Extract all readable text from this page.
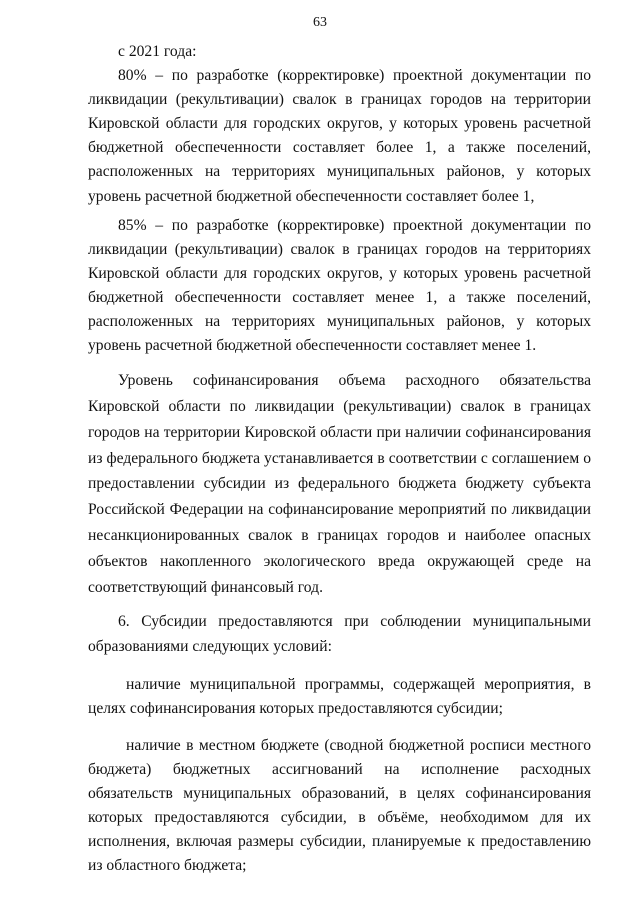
63

с 2021 года:

80% – по разработке (корректировке) проектной документации по ликвидации (рекультивации) свалок в границах городов на территории Кировской области для городских округов, у которых уровень расчетной бюджетной обеспеченности составляет более 1, а также поселений, расположенных на территориях муниципальных районов, у которых уровень расчетной бюджетной обеспеченности составляет более 1,

85% – по разработке (корректировке) проектной документации по ликвидации (рекультивации) свалок в границах городов на территориях Кировской области для городских округов, у которых уровень расчетной бюджетной обеспеченности составляет менее 1, а также поселений, расположенных на территориях муниципальных районов, у которых уровень расчетной бюджетной обеспеченности составляет менее 1.

Уровень софинансирования объема расходного обязательства Кировской области по ликвидации (рекультивации) свалок в границах городов на территории Кировской области при наличии софинансирования из федерального бюджета устанавливается в соответствии с соглашением о предоставлении субсидии из федерального бюджета бюджету субъекта Российской Федерации на софинансирование мероприятий по ликвидации несанкционированных свалок в границах городов и наиболее опасных объектов накопленного экологического вреда окружающей среде на соответствующий финансовый год.

6. Субсидии предоставляются при соблюдении муниципальными образованиями следующих условий:

наличие муниципальной программы, содержащей мероприятия, в целях софинансирования которых предоставляются субсидии;

наличие в местном бюджете (сводной бюджетной росписи местного бюджета) бюджетных ассигнований на исполнение расходных обязательств муниципальных образований, в целях софинансирования которых предоставляются субсидии, в объёме, необходимом для их исполнения, включая размеры субсидии, планируемые к предоставлению из областного бюджета;
